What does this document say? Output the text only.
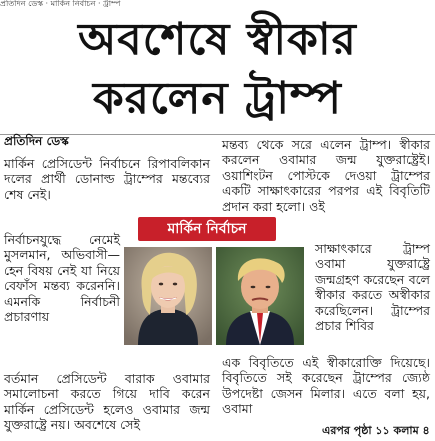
প্রতিদিন ডেস্ক · মার্কিন নির্বাচন · ট্রাম্প
অবশেষে স্বীকার
করলেন ট্রাম্প
প্রতিদিন ডেস্ক

মার্কিন প্রেসিডেন্ট নির্বাচনে রিপাবলিকান দলের প্রার্থী ডোনাল্ড ট্রাম্পের মন্তব্যের শেষ নেই।

নির্বাচনযুদ্ধে নেমেই মুসলমান, অভিবাসী— হেন বিষয় নেই যা নিয়ে বেফাঁস মন্তব্য করেননি। এমনকি নির্বাচনী প্রচারণায়

বর্তমান প্রেসিডেন্ট বারাক ওবামার সমালোচনা করতে গিয়ে দাবি করেন মার্কিন প্রেসিডেন্ট হলেও ওবামার জন্ম যুক্তরাষ্ট্রে নয়। অবশেষে সেই

মন্তব্য থেকে সরে এলেন ট্রাম্প। স্বীকার করলেন ওবামার জন্ম যুক্তরাষ্ট্রেই। ওয়াশিংটন পোস্টকে দেওয়া ট্রাম্পের একটি সাক্ষাৎকারের পরপর এই বিবৃতিটি প্রদান করা হলো। ওই

সাক্ষাৎকারে ট্রাম্প ওবামা যুক্তরাষ্ট্রে জন্মগ্রহণ করেছেন বলে স্বীকার করতে অস্বীকার করেছিলেন। ট্রাম্পের প্রচার শিবির

এক বিবৃতিতে এই স্বীকারোক্তি দিয়েছে। বিবৃতিতে সই করেছেন ট্রাম্পের জ্যেষ্ঠ উপদেষ্টা জেসন মিলার। এতে বলা হয়, ওবামা

মার্কিন নির্বাচন
এরপর পৃষ্ঠা ১১ কলাম ৪
